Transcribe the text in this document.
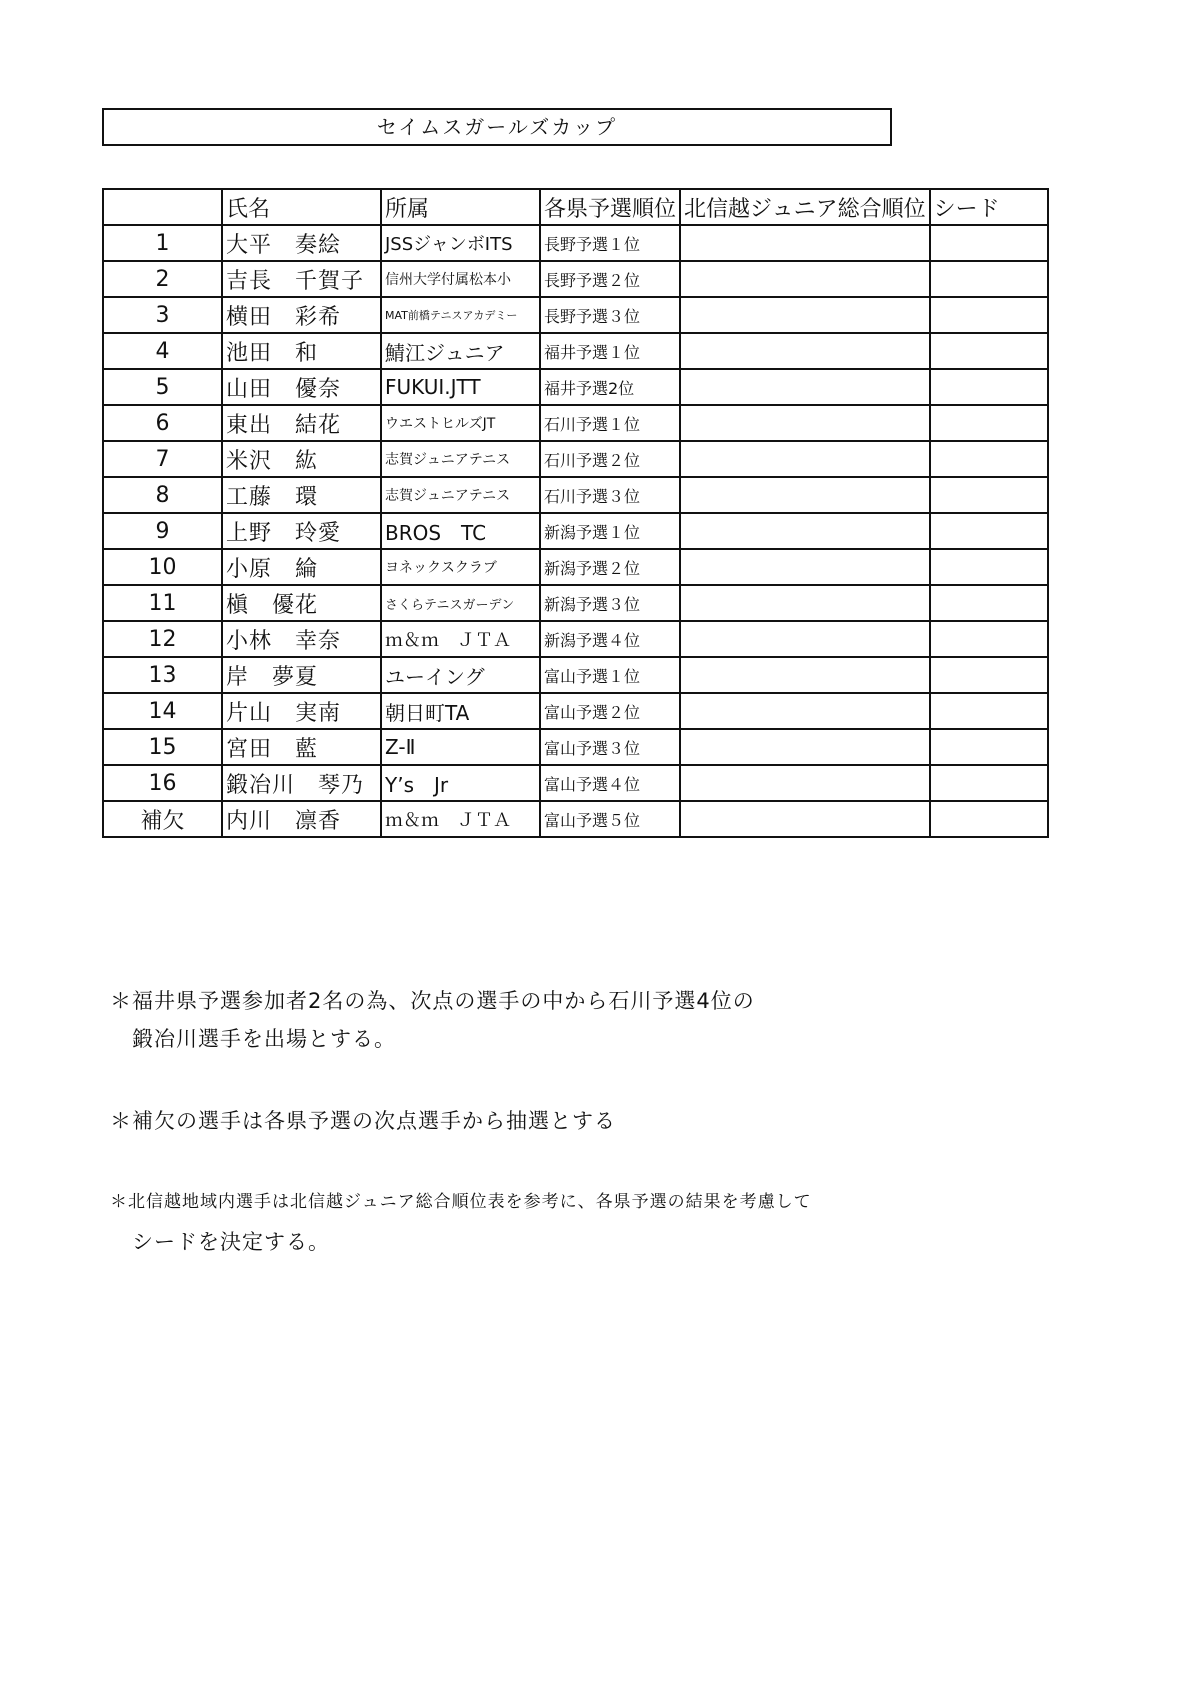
セイムスガールズカップ
	氏名	所属	各県予選順位	北信越ジュニア総合順位	シード
1	大平　奏絵	JSSジャンボITS	長野予選１位		
2	吉長　千賀子	信州大学付属松本小	長野予選２位		
3	横田　彩希	MAT前橋テニスアカデミー	長野予選３位		
4	池田　和	鯖江ジュニア	福井予選１位		
5	山田　優奈	FUKUI.JTT	福井予選2位		
6	東出　結花	ウエストヒルズJT	石川予選１位		
7	米沢　紘	志賀ジュニアテニス	石川予選２位		
8	工藤　環	志賀ジュニアテニス	石川予選３位		
9	上野　玲愛	BROS　TC	新潟予選１位		
10	小原　綸	ヨネックスクラブ	新潟予選２位		
11	槇　優花	さくらテニスガーデン	新潟予選３位		
12	小林　幸奈	ｍ＆ｍ　ＪＴＡ	新潟予選４位		
13	岸　夢夏	ユーイング	富山予選１位		
14	片山　実南	朝日町TA	富山予選２位		
15	宮田　藍	Z-Ⅱ	富山予選３位		
16	鍛冶川　琴乃	Y’s　Jr	富山予選４位		
補欠	内川　凛香	ｍ＆ｍ　ＪＴＡ	富山予選５位		
＊福井県予選参加者2名の為、次点の選手の中から石川予選4位の
鍛冶川選手を出場とする。
＊補欠の選手は各県予選の次点選手から抽選とする
＊北信越地域内選手は北信越ジュニア総合順位表を参考に、各県予選の結果を考慮して
シードを決定する。
